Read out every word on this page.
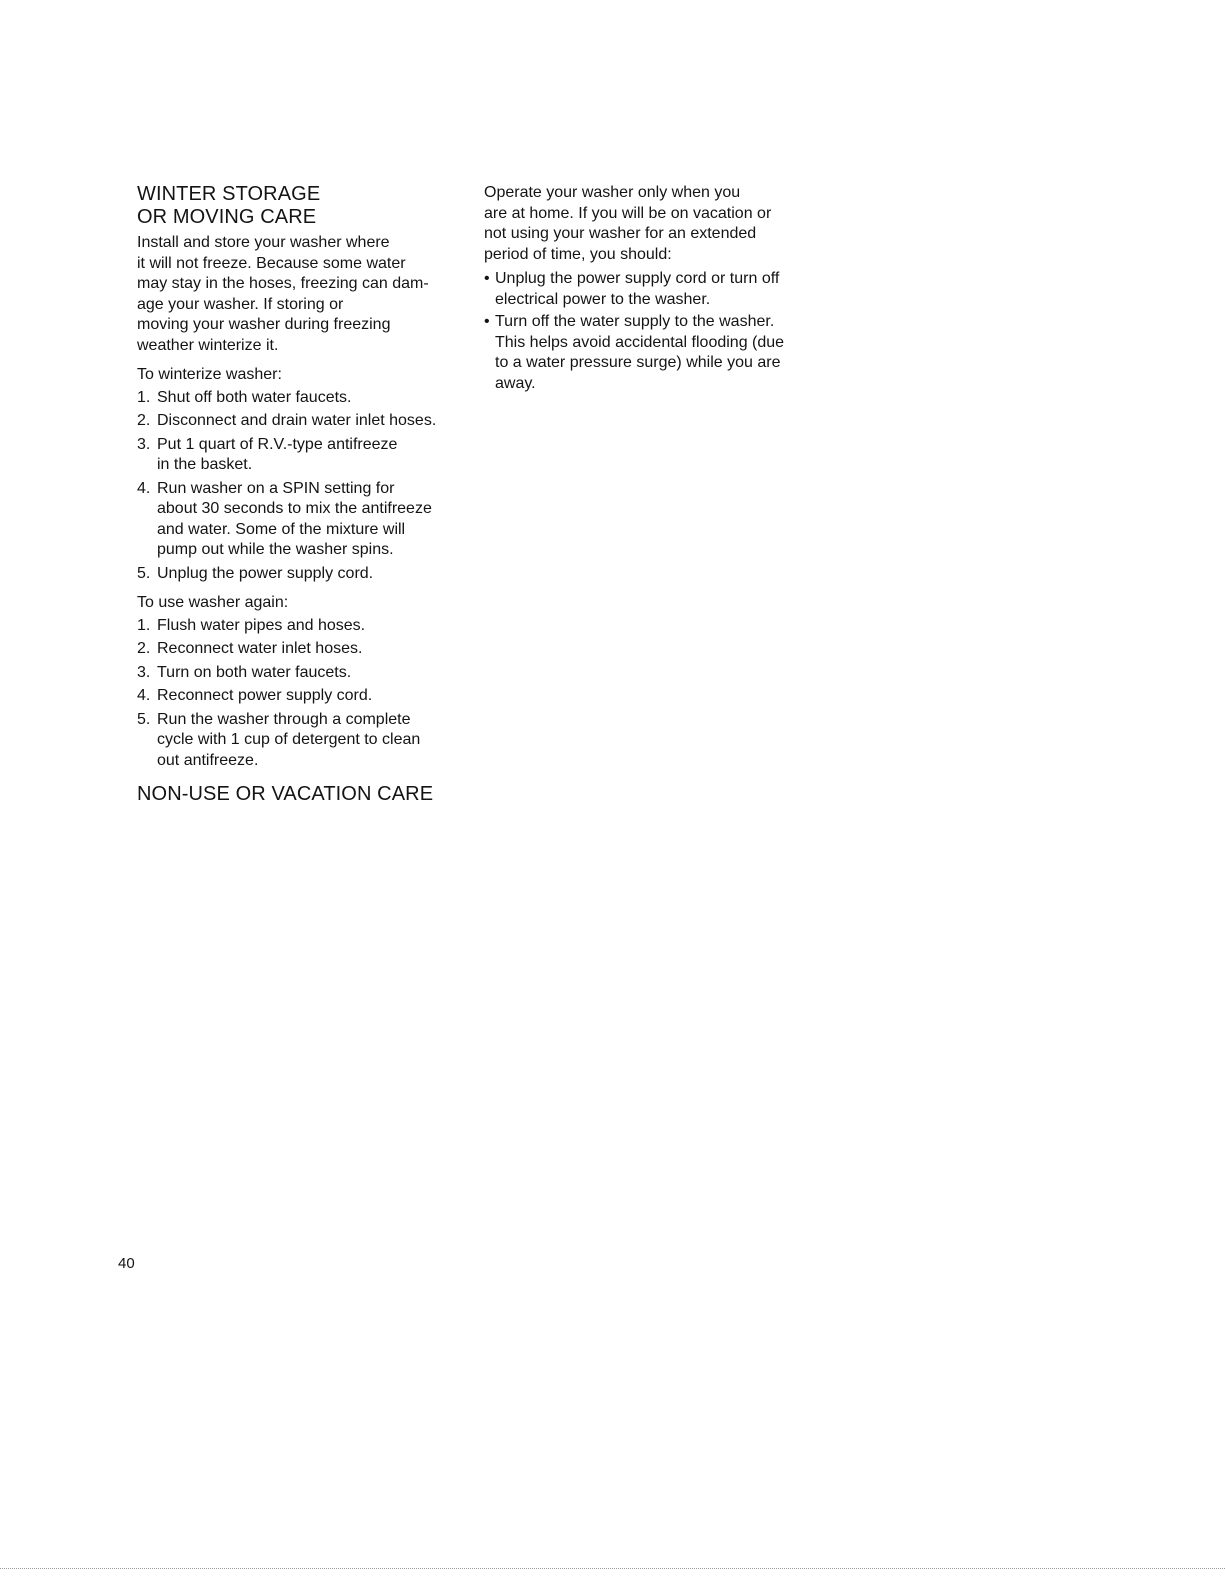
WINTER STORAGE
OR MOVING CARE

Install and store your washer where
it will not freeze. Because some water
may stay in the hoses, freezing can dam-
age your washer. If storing or
moving your washer during freezing
weather winterize it.

To winterize washer:
1. Shut off both water faucets.
2. Disconnect and drain water inlet hoses.
3. Put 1 quart of R.V.-type antifreeze
in the basket.
4. Run washer on a SPIN setting for
about 30 seconds to mix the antifreeze
and water. Some of the mixture will
pump out while the washer spins.
5. Unplug the power supply cord.
To use washer again:
1. Flush water pipes and hoses.
2. Reconnect water inlet hoses.
3. Turn on both water faucets.
4. Reconnect power supply cord.
5. Run the washer through a complete
cycle with 1 cup of detergent to clean
out antifreeze.
NON-USE OR VACATION CARE

Operate your washer only when you
are at home. If you will be on vacation or
not using your washer for an extended
period of time, you should:

• Unplug the power supply cord or turn off
electrical power to the washer.
• Turn off the water supply to the washer.
This helps avoid accidental flooding (due
to a water pressure surge) while you are
away.
40
